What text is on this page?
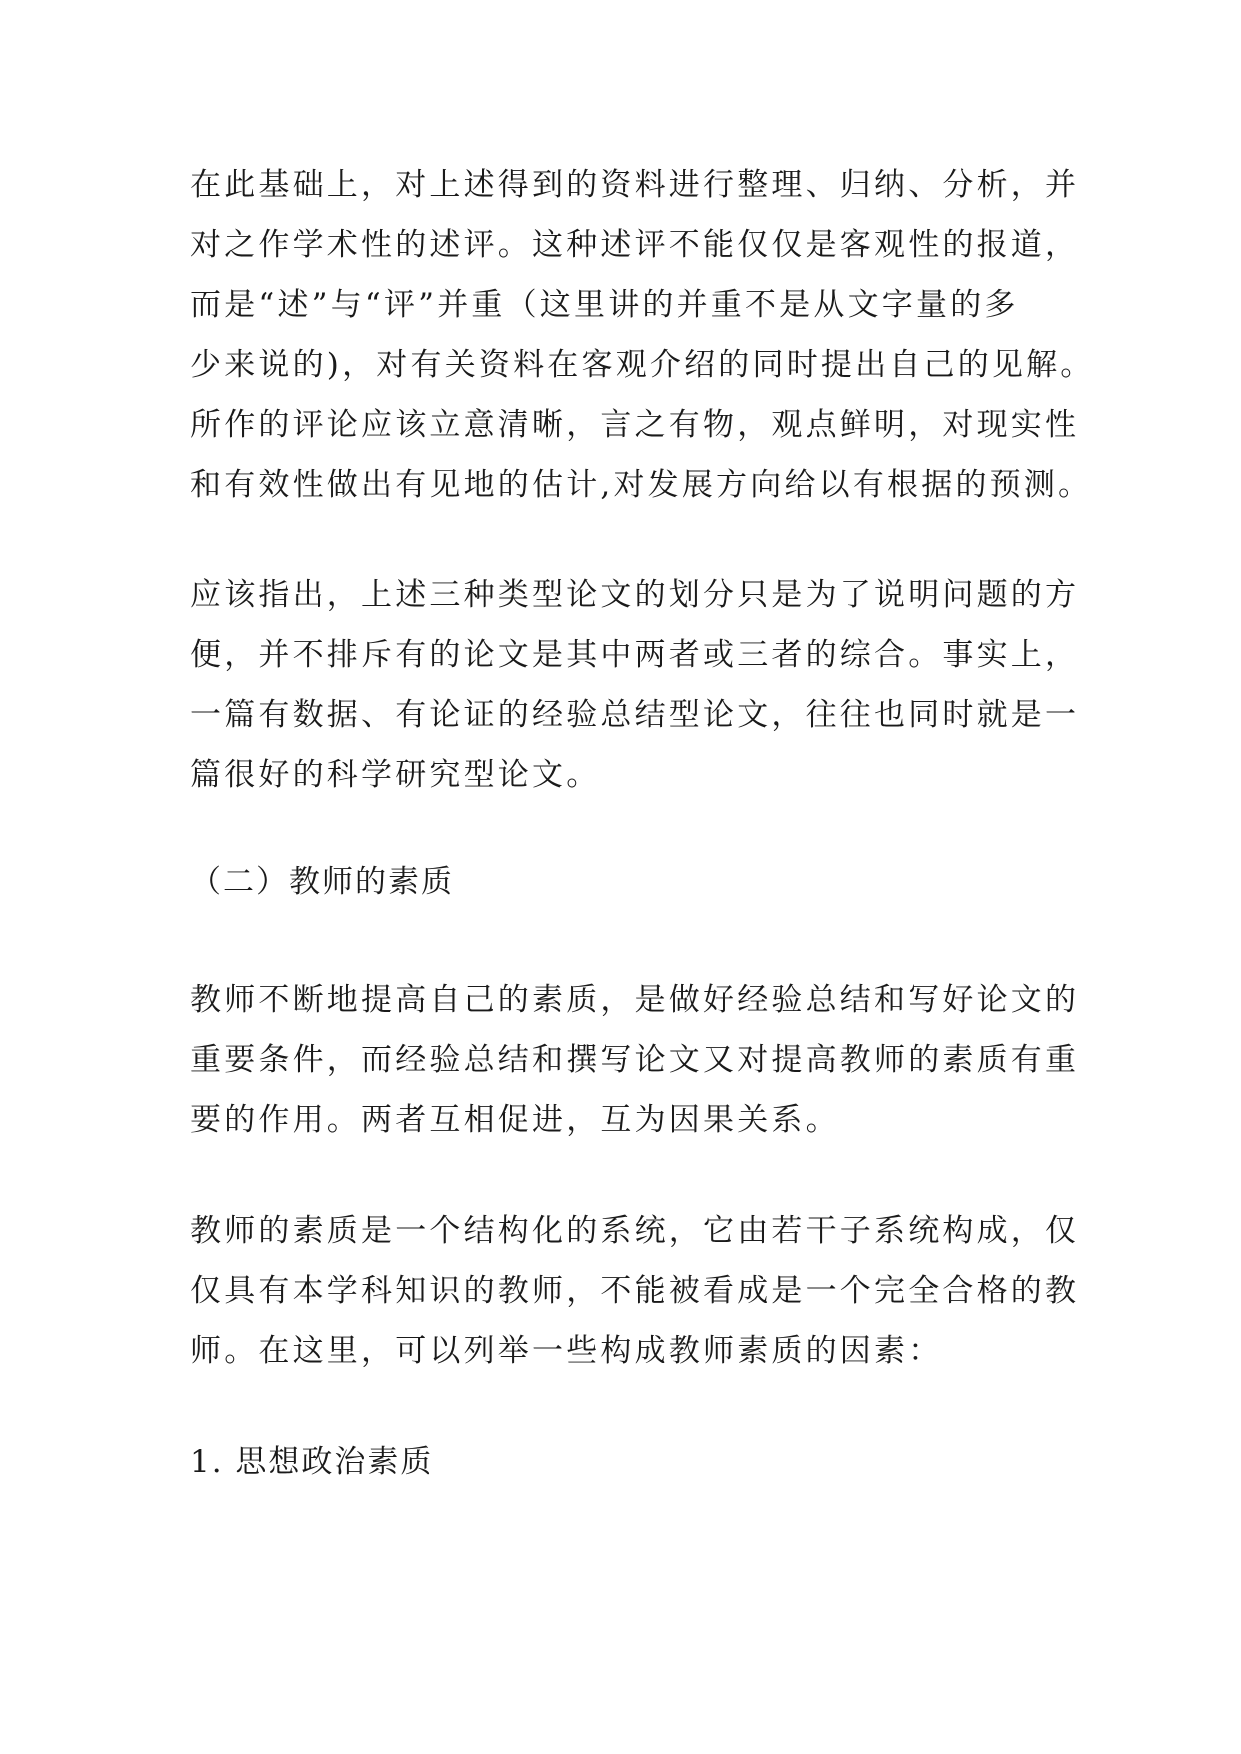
在此基础上，对上述得到的资料进行整理、归纳、分析，并
对之作学术性的述评。这种述评不能仅仅是客观性的报道，
而是“述”与“评”并重（这里讲的并重不是从文字量的多
少来说的)，对有关资料在客观介绍的同时提出自己的见解。
所作的评论应该立意清晰，言之有物，观点鲜明，对现实性
和有效性做出有见地的估计,对发展方向给以有根据的预测。
应该指出，上述三种类型论文的划分只是为了说明问题的方
便，并不排斥有的论文是其中两者或三者的综合。事实上，
一篇有数据、有论证的经验总结型论文，往往也同时就是一
篇很好的科学研究型论文。
（二）教师的素质
教师不断地提高自己的素质，是做好经验总结和写好论文的
重要条件，而经验总结和撰写论文又对提高教师的素质有重
要的作用。两者互相促进，互为因果关系。
教师的素质是一个结构化的系统，它由若干子系统构成，仅
仅具有本学科知识的教师，不能被看成是一个完全合格的教
师。在这里，可以列举一些构成教师素质的因素：
1. 思想政治素质
